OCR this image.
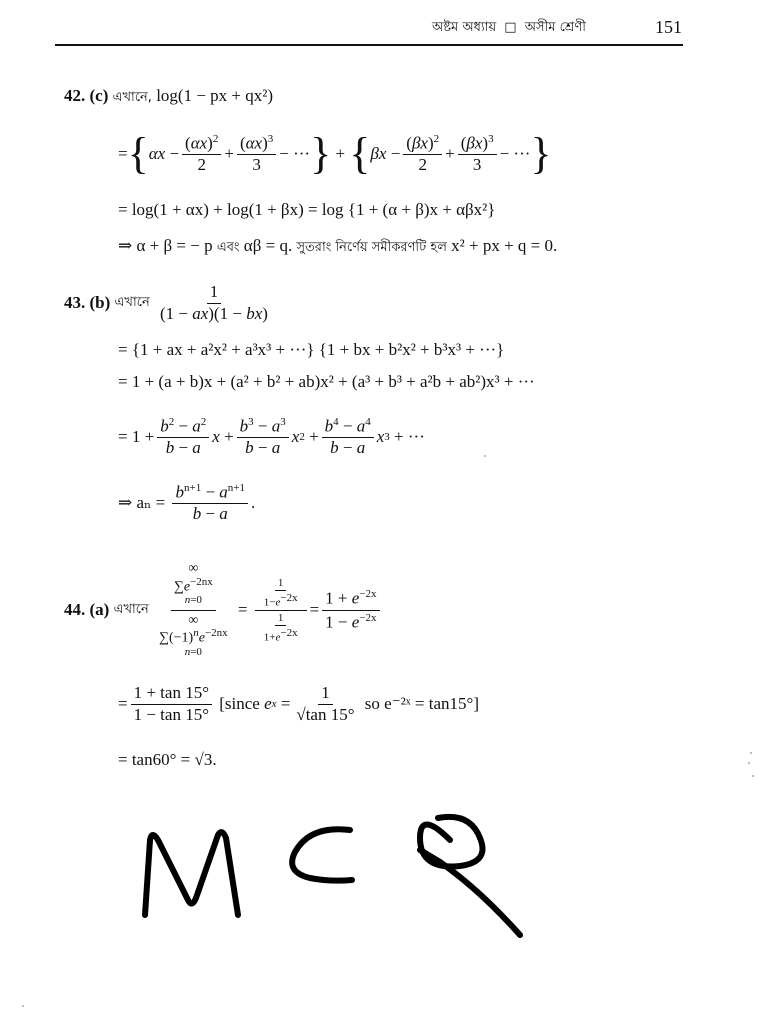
অষ্টম অধ্যায় □ অসীম শ্রেণী	151
42. (c) এখানে, log(1 − px + qx²)
= { $\alpha x - \frac{(\alpha x)^2}{2} + \frac{(\alpha x)^3}{3}$ − ··· } + { $\beta x - \frac{(\beta x)^2}{2} + \frac{(\beta x)^3}{3}$ − ··· }
= log(1 + αx) + log(1 + βx) = log {1 + (α + β)x + αβx²}
⇒ α + β = − p এবং αβ = q. সুতরাং নির্ণেয় সমীকরণটি হল x² + px + q = 0.
43. (b)
এখানে
$\frac{1}{(1 - ax)(1 - bx)}$
= {1 + ax + a²x² + a³x³ + ···} {1 + bx + b²x² + b³x³ + ···}
= 1 + (a + b)x + (a² + b² + ab)x² + (a³ + b³ + a²b + ab²)x³ + ···
= $1 + \frac{b^2 - a^2}{b - a}$ $x + \frac{b^3 - a^3}{b - a}$ x $2 + \frac{b^4 - a^4}{b - a}$ x 3 + ···
⇒ aₙ =
$\frac{b^{n+1} - a^{n+1}}{b - a}$ .
44. (a)
এখানে
∞
$\sum e^{-2nx}$
n=0
∞
$\sum(-1)^ne^{-2nx}$
$n=0 = \frac{\frac{1}{1-e^{-2x}}}{\frac{1}{1+e^{-2x}}} = \frac{1 + e^{-2x}}{1 - e^{-2x}}$
= $\frac{1 + \tan 15^\circ}{1 - \tan 15^\circ}$
[since
e $x = \frac{1}{√\tan 15^\circ}$
so
e⁻²ˣ = tan15°]
= tan60° = √3.
